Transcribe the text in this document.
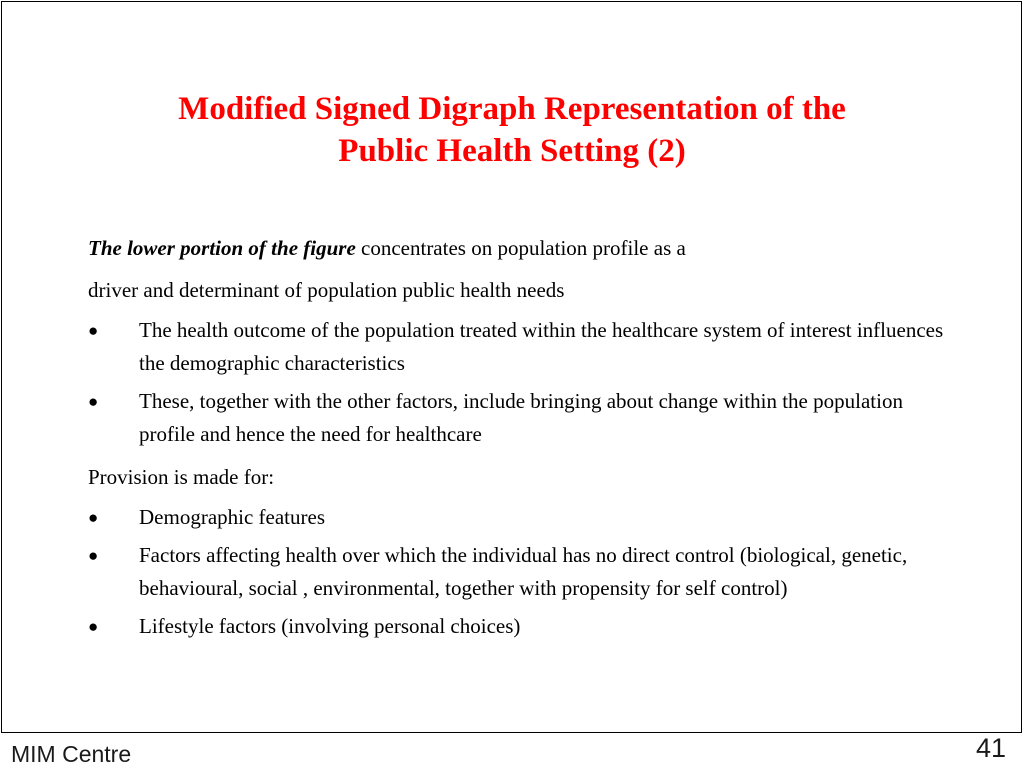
Modified Signed Digraph Representation of the
Public Health Setting (2)
The lower portion of the figure concentrates on population profile as a
driver and determinant of population public health needs
● The health outcome of the population treated within the healthcare system of interest influences the demographic characteristics
● These, together with the other factors, include bringing about change within the population profile and hence the need for healthcare
Provision is made for:
● Demographic features
● Factors affecting health over which the individual has no direct control (biological, genetic, behavioural, social , environmental, together with propensity for self control)
● Lifestyle factors (involving personal choices)
MIM Centre	41
